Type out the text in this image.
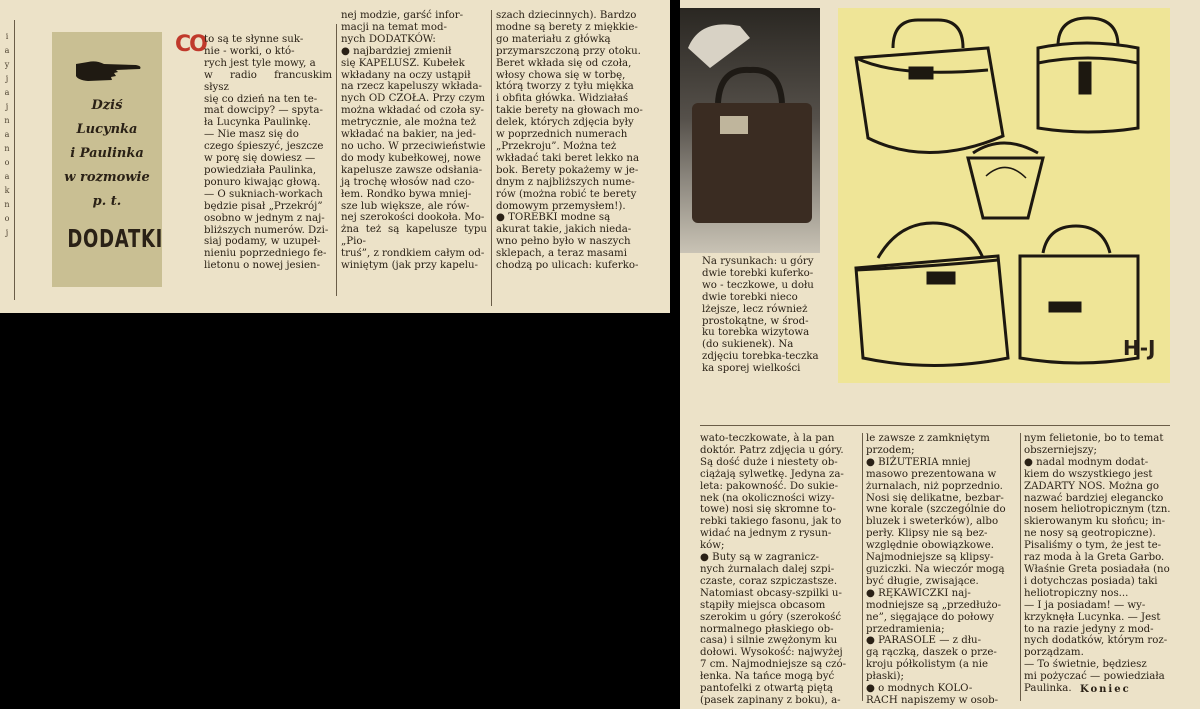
i
a
y
j
a
j
n
a
n
o
a
k
n
o
j
Dziś
Lucynka
i Paulinka
w rozmowie
p. t.
DODATKI
CO
to są te słynne suk-
nie - worki, o któ-
rych jest tyle mowy, a
w radio francuskim słysz
się co dzień na ten te-
mat dowcipy? — spyta-
ła Lucynka Paulinkę.
— Nie masz się do
czego śpieszyć, jeszcze
w porę się dowiesz —
powiedziała Paulinka,
ponuro kiwając głową.
— O sukniach-workach
będzie pisał „Przekrój”
osobno w jednym z naj-
bliższych numerów. Dzi-
siaj podamy, w uzupeł-
nieniu poprzedniego fe-
lietonu o nowej jesien-
nej modzie, garść infor-
macji na temat mod-
nych DODATKÓW:
● najbardziej zmienił
się KAPELUSZ. Kubełek
wkładany na oczy ustąpił
na rzecz kapeluszy wkłada-
nych OD CZOŁA. Przy czym
można wkładać od czoła sy-
metrycznie, ale można też
wkładać na bakier, na jed-
no ucho. W przeciwieństwie
do mody kubełkowej, nowe
kapelusze zawsze odsłania-
ją trochę włosów nad czo-
łem. Rondko bywa mniej-
sze lub większe, ale rów-
nej szerokości dookoła. Mo-
żna też są kapelusze typu „Pio-
truś”, z rondkiem całym od-
winiętym (jak przy kapelu-
szach dziecinnych). Bardzo
modne są berety z miękkie-
go materiału z główką
przymarszczoną przy otoku.
Beret wkłada się od czoła,
włosy chowa się w torbę,
którą tworzy z tyłu miękka
i obfita główka. Widziałaś
takie berety na głowach mo-
delek, których zdjęcia były
w poprzednich numerach
„Przekroju”. Można też
wkładać taki beret lekko na
bok. Berety pokażemy w je-
dnym z najbliższych nume-
rów (można robić te berety
domowym przemysłem!).
● TOREBKI modne są
akurat takie, jakich nieda-
wno pełno było w naszych
sklepach, a teraz masami
chodzą po ulicach: kuferko-
H-J
Na rysunkach: u góry
dwie torebki kuferko-
wo - teczkowe, u dołu
dwie torebki nieco
lżejsze, lecz również
prostokątne, w środ-
ku torebka wizytowa
(do sukienek). Na
zdjęciu torebka-teczka
ka sporej wielkości
wato-teczkowate, à la pan
doktór. Patrz zdjęcia u góry.
Są dość duże i niestety ob-
ciążają sylwetkę. Jedyna za-
leta: pakowność. Do sukie-
nek (na okoliczności wizy-
towe) nosi się skromne to-
rebki takiego fasonu, jak to
widać na jednym z rysun-
ków;
● Buty są w zagranicz-
nych żurnalach dalej szpi-
czaste, coraz szpiczastsze.
Natomiast obcasy-szpilki u-
stąpiły miejsca obcasom
szerokim u góry (szerokość
normalnego płaskiego ob-
casa) i silnie zwężonym ku
dołowi. Wysokość: najwyżej
7 cm. Najmodniejsze są czó-
łenka. Na tańce mogą być
pantofelki z otwartą piętą
(pasek zapinany z boku), a-
le zawsze z zamkniętym
przodem;
● BIŻUTERIA mniej
masowo prezentowana w
żurnalach, niż poprzednio.
Nosi się delikatne, bezbar-
wne korale (szczególnie do
bluzek i sweterków), albo
perły. Klipsy nie są bez-
względnie obowiązkowe.
Najmodniejsze są klipsy-
guziczki. Na wieczór mogą
być długie, zwisające.
● RĘKAWICZKI naj-
modniejsze są „przedłużo-
ne”, sięgające do połowy
przedramienia;
● PARASOLE — z dłu-
gą rączką, daszek o prze-
kroju półkolistym (a nie
płaski);
● o modnych KOLO-
RACH napiszemy w osob-
nym felietonie, bo to temat
obszerniejszy;
● nadal modnym dodat-
kiem do wszystkiego jest
ZADARTY NOS. Można go
nazwać bardziej eleganckо
nosem heliotropicznym (tzn.
skierowanym ku słońcu; in-
ne nosy są geotropiczne).
Pisaliśmy o tym, że jest te-
raz moda à la Greta Garbo.
Właśnie Greta posiadała (no
i dotychczas posiada) taki
heliotropiczny nos...
— I ja posiadam! — wy-
krzyknęła Lucynka. — Jest
to na razie jedyny z mod-
nych dodatków, którym roz-
porządzam.
— To świetnie, będziesz
mi pożyczać — powiedziała
Paulinka. Koniec
